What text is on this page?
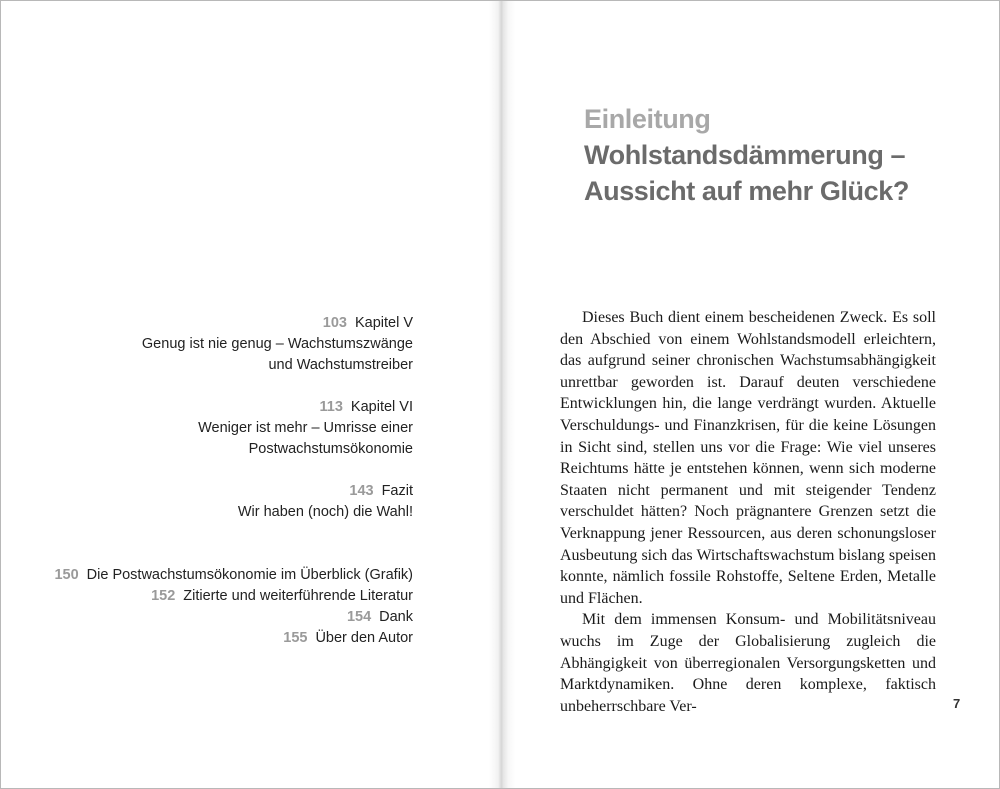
103 Kapitel V
Genug ist nie genug – Wachstumszwänge
und Wachstumstreiber
113 Kapitel VI
Weniger ist mehr – Umrisse einer
Postwachstumsökonomie
143 Fazit
Wir haben (noch) die Wahl!
150 Die Postwachstumsökonomie im Überblick (Grafik)
152 Zitierte und weiterführende Literatur
154 Dank
155 Über den Autor
Einleitung
Wohlstandsdämmerung –
Aussicht auf mehr Glück?

Dieses Buch dient einem bescheidenen Zweck. Es soll den Abschied von einem Wohlstandsmodell erleichtern, das aufgrund seiner chronischen Wachstumsabhängigkeit unrettbar geworden ist. Darauf deuten verschiedene Entwicklungen hin, die lange verdrängt wurden. Aktuelle Verschuldungs- und Finanzkrisen, für die keine Lösungen in Sicht sind, stellen uns vor die Frage: Wie viel unseres Reichtums hätte je entstehen können, wenn sich moderne Staaten nicht permanent und mit steigender Tendenz verschuldet hätten? Noch prägnantere Grenzen setzt die Verknappung jener Ressourcen, aus deren schonungsloser Ausbeutung sich das Wirtschaftswachstum bislang speisen konnte, nämlich fossile Rohstoffe, Seltene Erden, Metalle und Flächen.

Mit dem immensen Konsum- und Mobilitätsniveau wuchs im Zuge der Globalisierung zugleich die Abhängigkeit von überregionalen Versorgungsketten und Marktdynamiken. Ohne deren komplexe, faktisch unbeherrschbare Ver-	7
